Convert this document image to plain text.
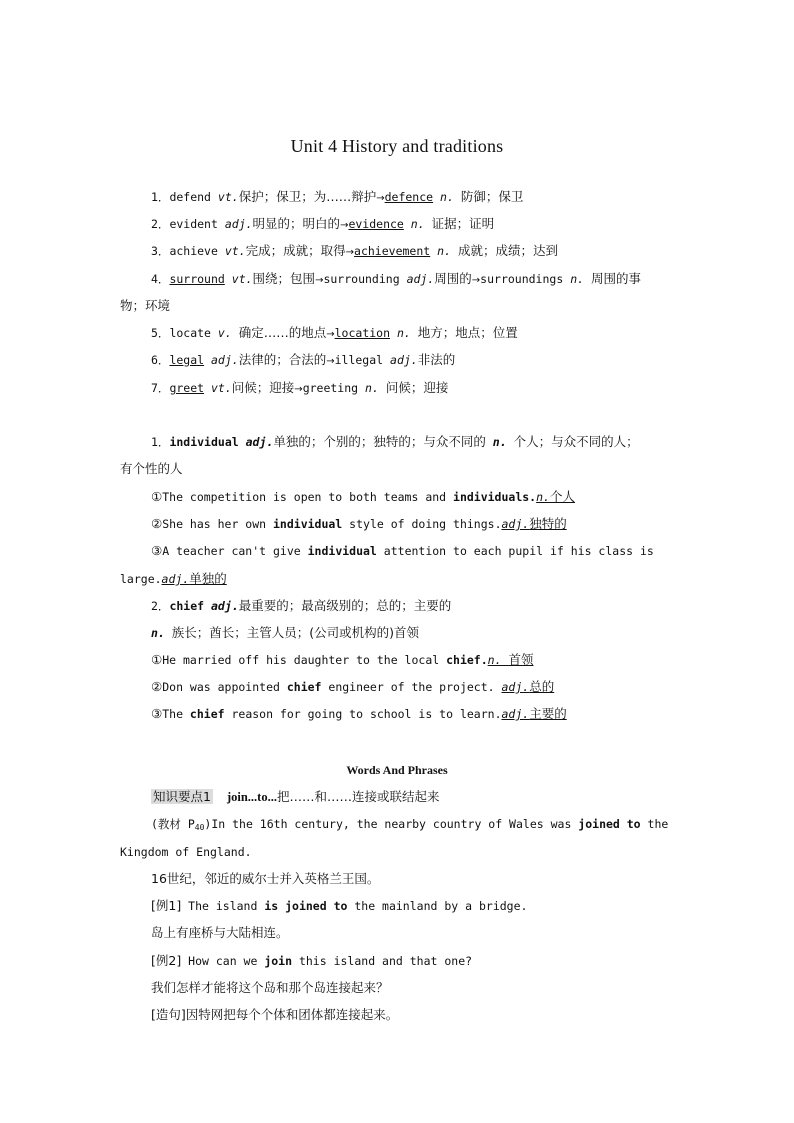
Unit 4 History and traditions
1．defend vt.保护；保卫；为……辩护→defence n. 防御；保卫
2．evident adj.明显的；明白的→evidence n. 证据；证明
3．achieve vt.完成；成就；取得→achievement n. 成就；成绩；达到
4．surround vt.围绕；包围→surrounding adj.周围的→surroundings n. 周围的事
物；环境
5．locate v. 确定……的地点→location n. 地方；地点；位置
6．legal adj.法律的；合法的→illegal adj.非法的
7．greet vt.问候；迎接→greeting n. 问候；迎接
1．individual adj.单独的；个别的；独特的；与众不同的 n. 个人；与众不同的人；
有个性的人
①The competition is open to both teams and individuals.n.个人
②She has her own individual style of doing things.adj.独特的
③A teacher can't give individual attention to each pupil if his class is
large.adj.单独的
2．chief adj.最重要的；最高级别的；总的；主要的
n. 族长；酋长；主管人员；(公司或机构的)首领
①He married off his daughter to the local chief.n. 首领
②Don was appointed chief engineer of the project. adj.总的
③The chief reason for going to school is to learn.adj.主要的
Words And Phrases
知识要点1 join...to...把……和……连接或联结起来
(教材 $P_{40})In$ the 16th century, the nearby country of Wales was joined to the
Kingdom of England.
16世纪，邻近的威尔士并入英格兰王国。
[例1] The island is joined to the mainland by a bridge.
岛上有座桥与大陆相连。
[例2] How can we join this island and that one?
我们怎样才能将这个岛和那个岛连接起来？
[造句]因特网把每个个体和团体都连接起来。
